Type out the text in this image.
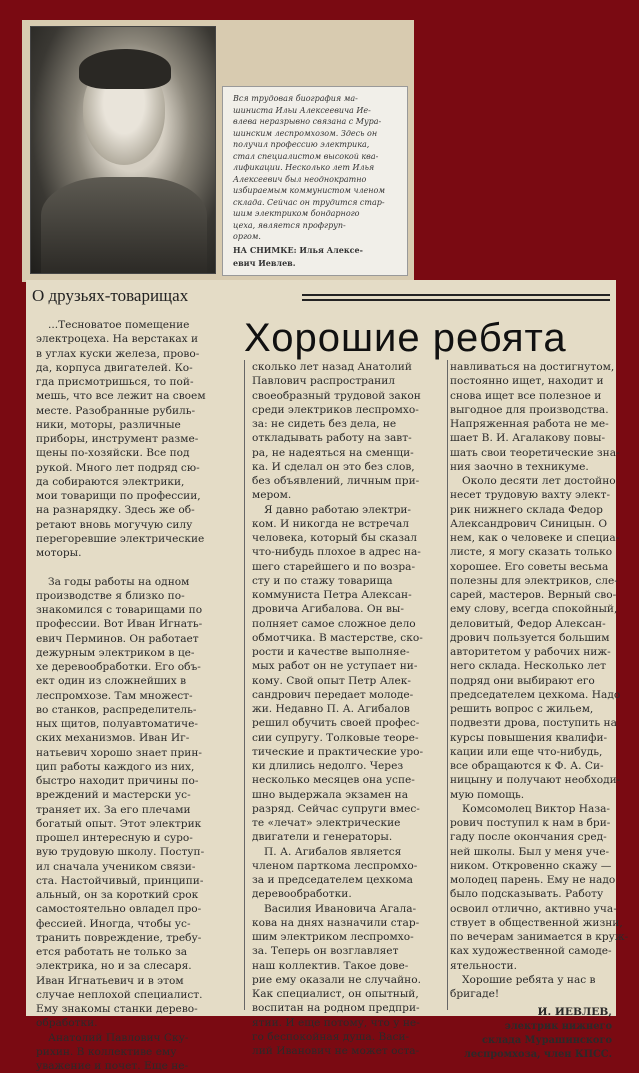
Вся трудовая биография ма-
шиниста Ильи Алексеевича Ие-
влева неразрывно связана с Мура-
шинским леспромхозом. Здесь он
получил профессию электрика,
стал специалистом высокой ква-
лификации. Несколько лет Илья
Алексеевич был неоднократно
избираемым коммунистом членом
склада. Сейчас он трудится стар-
шим электриком бондарного
цеха, является профгруп-
оргом.
НА СНИМКЕ: Илья Алексе-
евич Иевлев.
О друзьях-товарищах
Хорошие ребята
...Тесноватое помещение
электроцеха. На верстаках и
в углах куски железа, прово-
да, корпуса двигателей. Ко-
гда присмотришься, то пой-
мешь, что все лежит на своем
месте. Разобранные рубиль-
ники, моторы, различные
приборы, инструмент разме-
щены по-хозяйски. Все под
рукой. Много лет подряд сю-
да собираются электрики,
мои товарищи по профессии,
на разнарядку. Здесь же об-
ретают вновь могучую силу
перегоревшие электрические
моторы.

За годы работы на одном
производстве я близко по-
знакомился с товарищами по
профессии. Вот Иван Игнать-
евич Перминов. Он работает
дежурным электриком в це-
хе деревообработки. Его объ-
ект один из сложнейших в
леспромхозе. Там множест-
во станков, распределитель-
ных щитов, полуавтоматиче-
ских механизмов. Иван Иг-
натьевич хорошо знает прин-
цип работы каждого из них,
быстро находит причины по-
вреждений и мастерски ус-
траняет их. За его плечами
богатый опыт. Этот электрик
прошел интересную и суро-
вую трудовую школу. Поступ-
ил сначала учеником связи-
ста. Настойчивый, принципи-
альный, он за короткий срок
самостоятельно овладел про-
фессией. Иногда, чтобы ус-
транить повреждение, требу-
ется работать не только за
электрика, но и за слесаря.
Иван Игнатьевич и в этом
случае неплохой специалист.
Ему знакомы станки дерево-
обработки.
Анатолий Павлович Ску-
рихин. В коллективе ему
уважение и почет. Еще не-
сколько лет назад Анатолий
Павлович распространил
своеобразный трудовой закон
среди электриков леспромхо-
за: не сидеть без дела, не
откладывать работу на завт-
ра, не надеяться на сменщи-
ка. И сделал он это без слов,
без объявлений, личным при-
мером.
Я давно работаю электри-
ком. И никогда не встречал
человека, который бы сказал
что-нибудь плохое в адрес на-
шего старейшего и по возра-
сту и по стажу товарища
коммуниста Петра Алексан-
дровича Агибалова. Он вы-
полняет самое сложное дело
обмотчика. В мастерстве, ско-
рости и качестве выполняе-
мых работ он не уступает ни-
кому. Свой опыт Петр Алек-
сандрович передает молоде-
жи. Недавно П. А. Агибалов
решил обучить своей профес-
сии супругу. Толковые теоре-
тические и практические уро-
ки длились недолго. Через
несколько месяцев она успе-
шно выдержала экзамен на
разряд. Сейчас супруги вмес-
те «лечат» электрические
двигатели и генераторы.
П. А. Агибалов является
членом парткома леспромхо-
за и председателем цехкома
деревообработки.
Василия Ивановича Агала-
кова на днях назначили стар-
шим электриком леспромхо-
за. Теперь он возглавляет
наш коллектив. Такое дове-
рие ему оказали не случайно.
Как специалист, он опытный,
воспитан на родном предпри-
ятии. И еще потому, что у не-
го беспокойная душа. Васи-
лий Иванович не может оста-
навливаться на достигнутом,
постоянно ищет, находит и
снова ищет все полезное и
выгодное для производства.
Напряженная работа не ме-
шает В. И. Агалакову повы-
шать свои теоретические зна-
ния заочно в техникуме.
Около десяти лет достойно
несет трудовую вахту элект-
рик нижнего склада Федор
Александрович Синицын. О
нем, как о человеке и специа-
листе, я могу сказать только
хорошее. Его советы весьма
полезны для электриков, сле-
сарей, мастеров. Верный сво-
ему слову, всегда спокойный,
деловитый, Федор Алексан-
дрович пользуется большим
авторитетом у рабочих ниж-
него склада. Несколько лет
подряд они выбирают его
председателем цехкома. Надо
решить вопрос с жильем,
подвезти дрова, поступить на
курсы повышения квалифи-
кации или еще что-нибудь,
все обращаются к Ф. А. Си-
ницыну и получают необходи-
мую помощь.
Комсомолец Виктор Наза-
рович поступил к нам в бри-
гаду после окончания сред-
ней школы. Был у меня уче-
ником. Откровенно скажу —
молодец парень. Ему не надо
было подсказывать. Работу
освоил отлично, активно уча-
ствует в общественной жизни,
по вечерам занимается в круж-
ках художественной самоде-
ятельности.
Хорошие ребята у нас в
бригаде!
И. ИЕВЛЕВ,
электрик нижнего
склада Мурашинского
леспромхоза, член КПСС.
